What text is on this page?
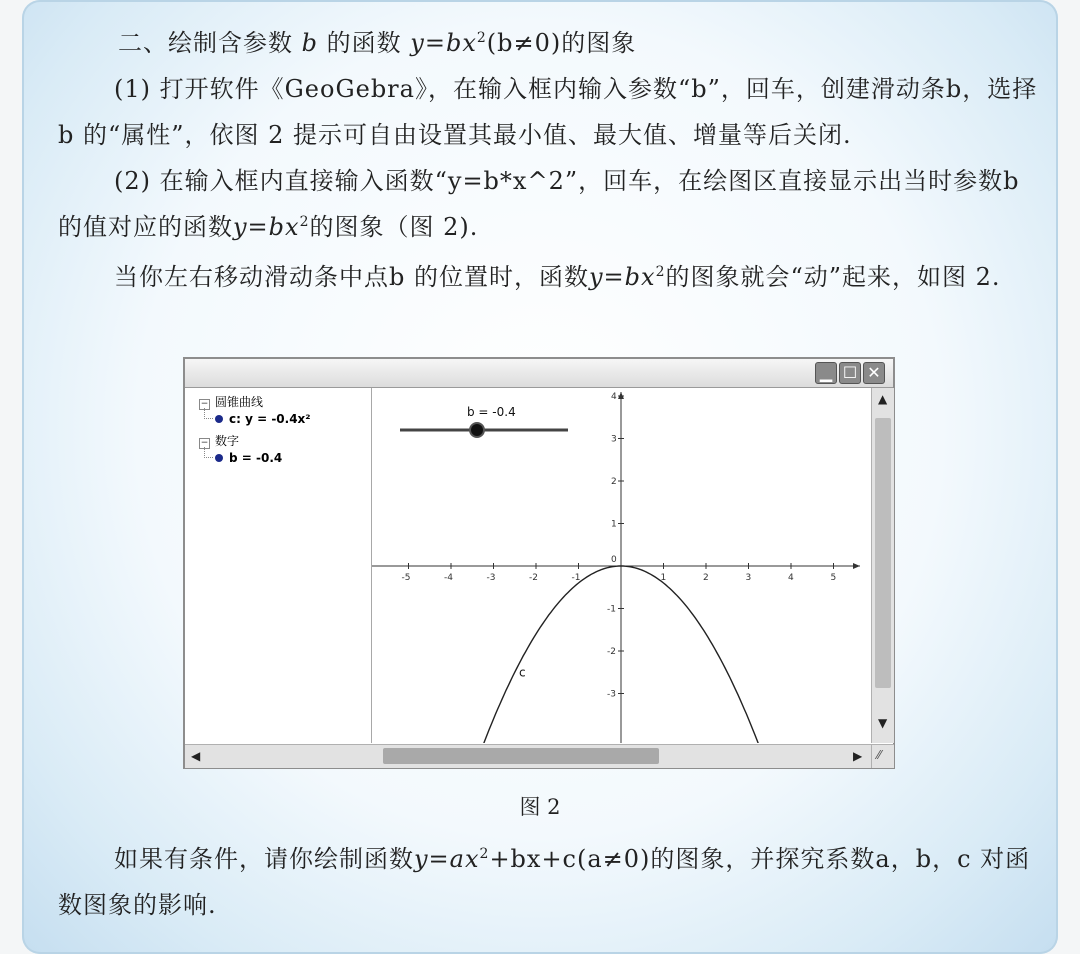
二、绘制含参数 b 的函数 $y=bx^2(b\ne 0)$的图象

(1) 打开软件《GeoGebra》，在输入框内输入参数“b”，回车，创建滑动条b，选择b 的“属性”，依图 2 提示可自由设置其最小值、最大值、增量等后关闭.

(2) 在输入框内直接输入函数“y=b*x^2”，回车，在绘图区直接显示出当时参数b 的值对应的函数$y=bx^2$的图象（图 2).

当你左右移动滑动条中点b 的位置时，函数$y=bx^2$的图象就会“动”起来，如图 2.

▁ ☐ ✕
− 圆锥曲线
c: y = -0.4x²
− 数字
b = -0.4
b = -0.4
-5	-4	-3	-2	-1	1	2	3	4	5
4
3
2
1
0
-1
-2
-3
c
▲
▼
◀	▶ ⁄⁄
图 2

如果有条件，请你绘制函数$y=ax^2+bx+c(a\ne 0)$的图象，并探究系数a，b，c 对函数图象的影响.
